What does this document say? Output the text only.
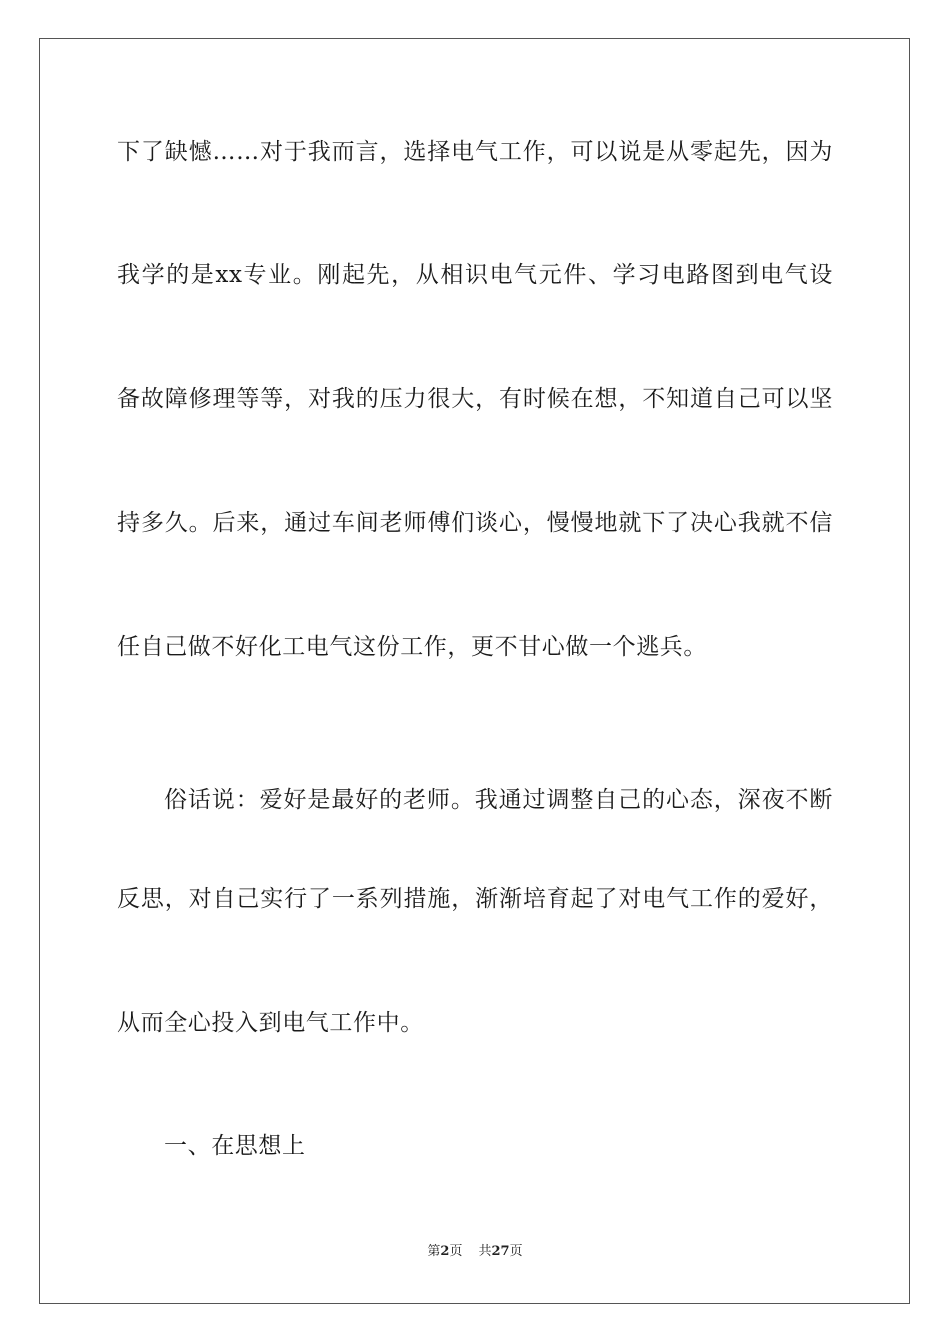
下了缺憾……对于我而言，选择电气工作，可以说是从零起先，因为
我学的是xx专业。刚起先，从相识电气元件、学习电路图到电气设
备故障修理等等，对我的压力很大，有时候在想，不知道自己可以坚
持多久。后来，通过车间老师傅们谈心，慢慢地就下了决心我就不信
任自己做不好化工电气这份工作，更不甘心做一个逃兵。
俗话说：爱好是最好的老师。我通过调整自己的心态，深夜不断
反思，对自己实行了一系列措施，渐渐培育起了对电气工作的爱好，
从而全心投入到电气工作中。
一、在思想上
第2页 共27页
